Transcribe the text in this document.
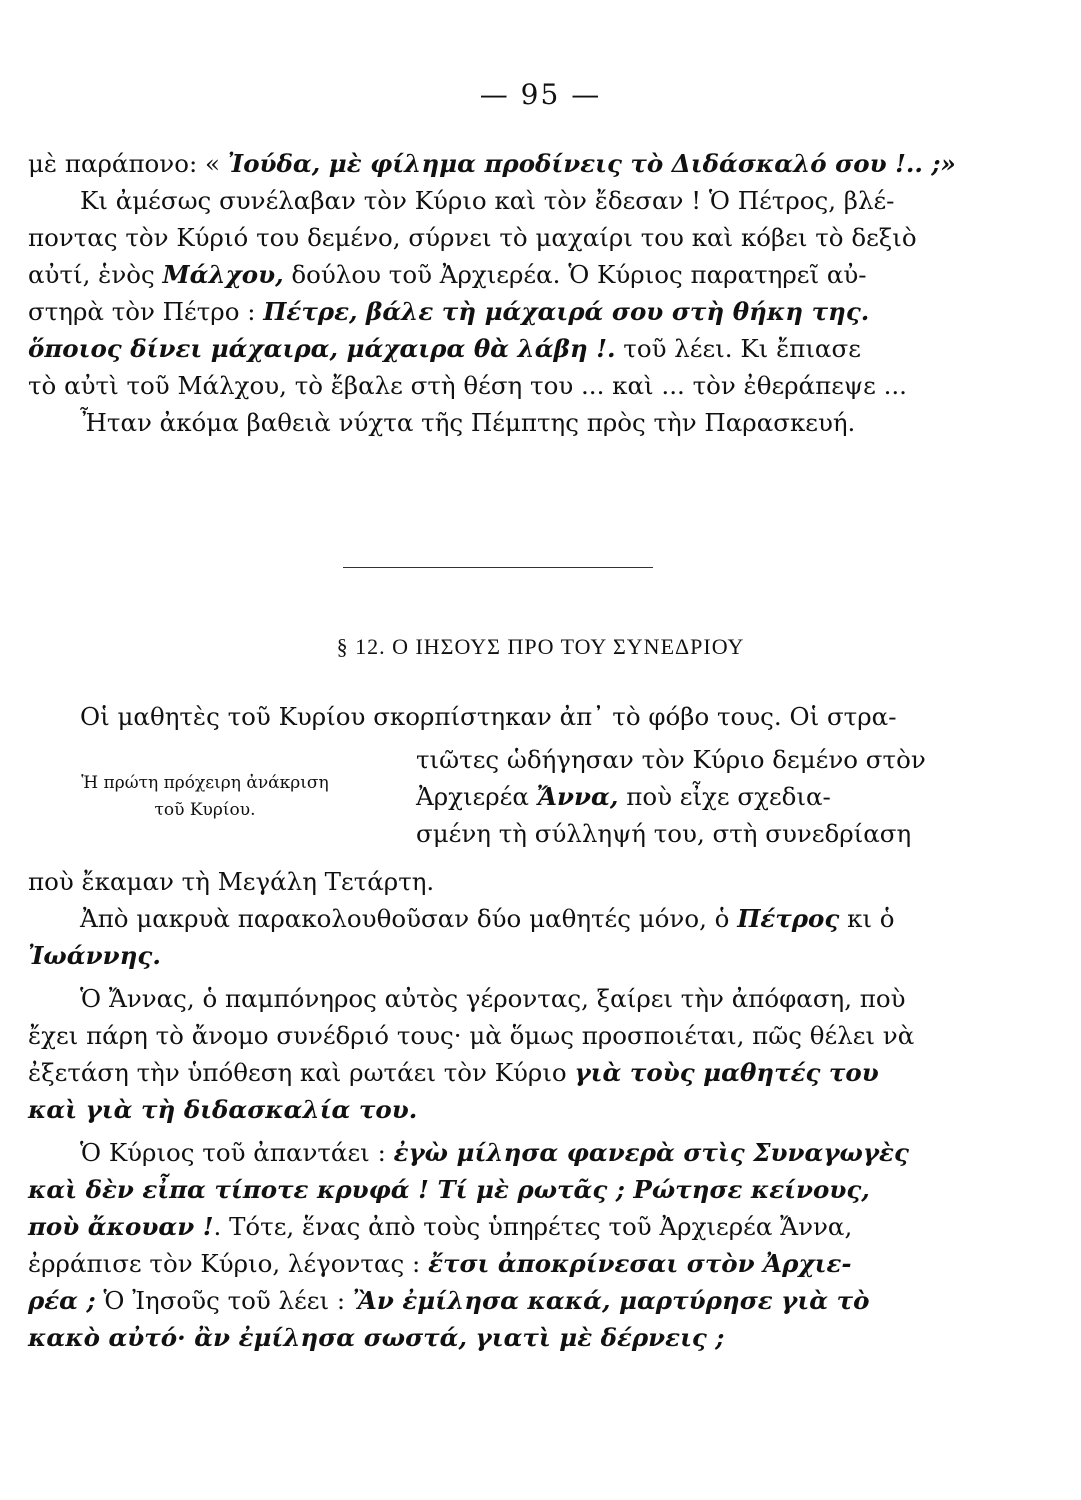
— 95 —
μὲ παράπονο: « Ἰούδα, μὲ φίλημα προδίνεις τὸ Διδάσκαλό σου !.. ;»
Κι ἀμέσως συνέλαβαν τὸν Κύριο καὶ τὸν ἔδεσαν ! Ὁ Πέτρος, βλέ-
ποντας τὸν Κύριό του δεμένο, σύρνει τὸ μαχαίρι του καὶ κόβει τὸ δεξιὸ
αὐτί, ἑνὸς Μάλχου, δούλου τοῦ Ἀρχιερέα. Ὁ Κύριος παρατηρεῖ αὐ-
στηρὰ τὸν Πέτρο : Πέτρε, βάλε τὴ μάχαιρά σου στὴ θήκη της.
ὅποιος δίνει μάχαιρα, μάχαιρα θὰ λάβη !. τοῦ λέει. Κι ἔπιασε
τὸ αὐτὶ τοῦ Μάλχου, τὸ ἔβαλε στὴ θέση του ... καὶ ... τὸν ἐθεράπεψε ...
Ἦταν ἀκόμα βαθειὰ νύχτα τῆς Πέμπτης πρὸς τὴν Παρασκευή.
§ 12. Ο ΙΗΣΟΥΣ ΠΡΟ ΤΟΥ ΣΥΝΕΔΡΙΟΥ
Οἱ μαθητὲς τοῦ Κυρίου σκορπίστηκαν ἀπ᾽ τὸ φόβο τους. Οἱ στρα-
Ἡ πρώτη πρόχειρη ἀνάκριση
τοῦ Κυρίου.
τιῶτες ὡδήγησαν τὸν Κύριο δεμένο στὸν
Ἀρχιερέα Ἄννα, ποὺ εἶχε σχεδια-
σμένη τὴ σύλληψή του, στὴ συνεδρίαση
ποὺ ἔκαμαν τὴ Μεγάλη Τετάρτη.
Ἀπὸ μακρυὰ παρακολουθοῦσαν δύο μαθητές μόνο, ὁ Πέτρος κι ὁ
Ἰωάννης.
Ὁ Ἄννας, ὁ παμπόνηρος αὐτὸς γέροντας, ξαίρει τὴν ἀπόφαση, ποὺ
ἔχει πάρη τὸ ἄνομο συνέδριό τους· μὰ ὅμως προσποιέται, πῶς θέλει νὰ
ἐξετάση τὴν ὑπόθεση καὶ ρωτάει τὸν Κύριο γιὰ τοὺς μαθητές του
καὶ γιὰ τὴ διδασκαλία του.
Ὁ Κύριος τοῦ ἀπαντάει : ἐγὼ μίλησα φανερὰ στὶς Συναγωγὲς
καὶ δὲν εἶπα τίποτε κρυφά ! Τί μὲ ρωτᾶς ; Ρώτησε κείνους,
ποὺ ἄκουαν !. Τότε, ἕνας ἀπὸ τοὺς ὑπηρέτες τοῦ Ἀρχιερέα Ἄννα,
ἐρράπισε τὸν Κύριο, λέγοντας : ἔτσι ἀποκρίνεσαι στὸν Ἀρχιε-
ρέα ; Ὁ Ἰησοῦς τοῦ λέει : Ἂν ἐμίλησα κακά, μαρτύρησε γιὰ τὸ
κακὸ αὐτό· ἂν ἐμίλησα σωστά, γιατὶ μὲ δέρνεις ;
